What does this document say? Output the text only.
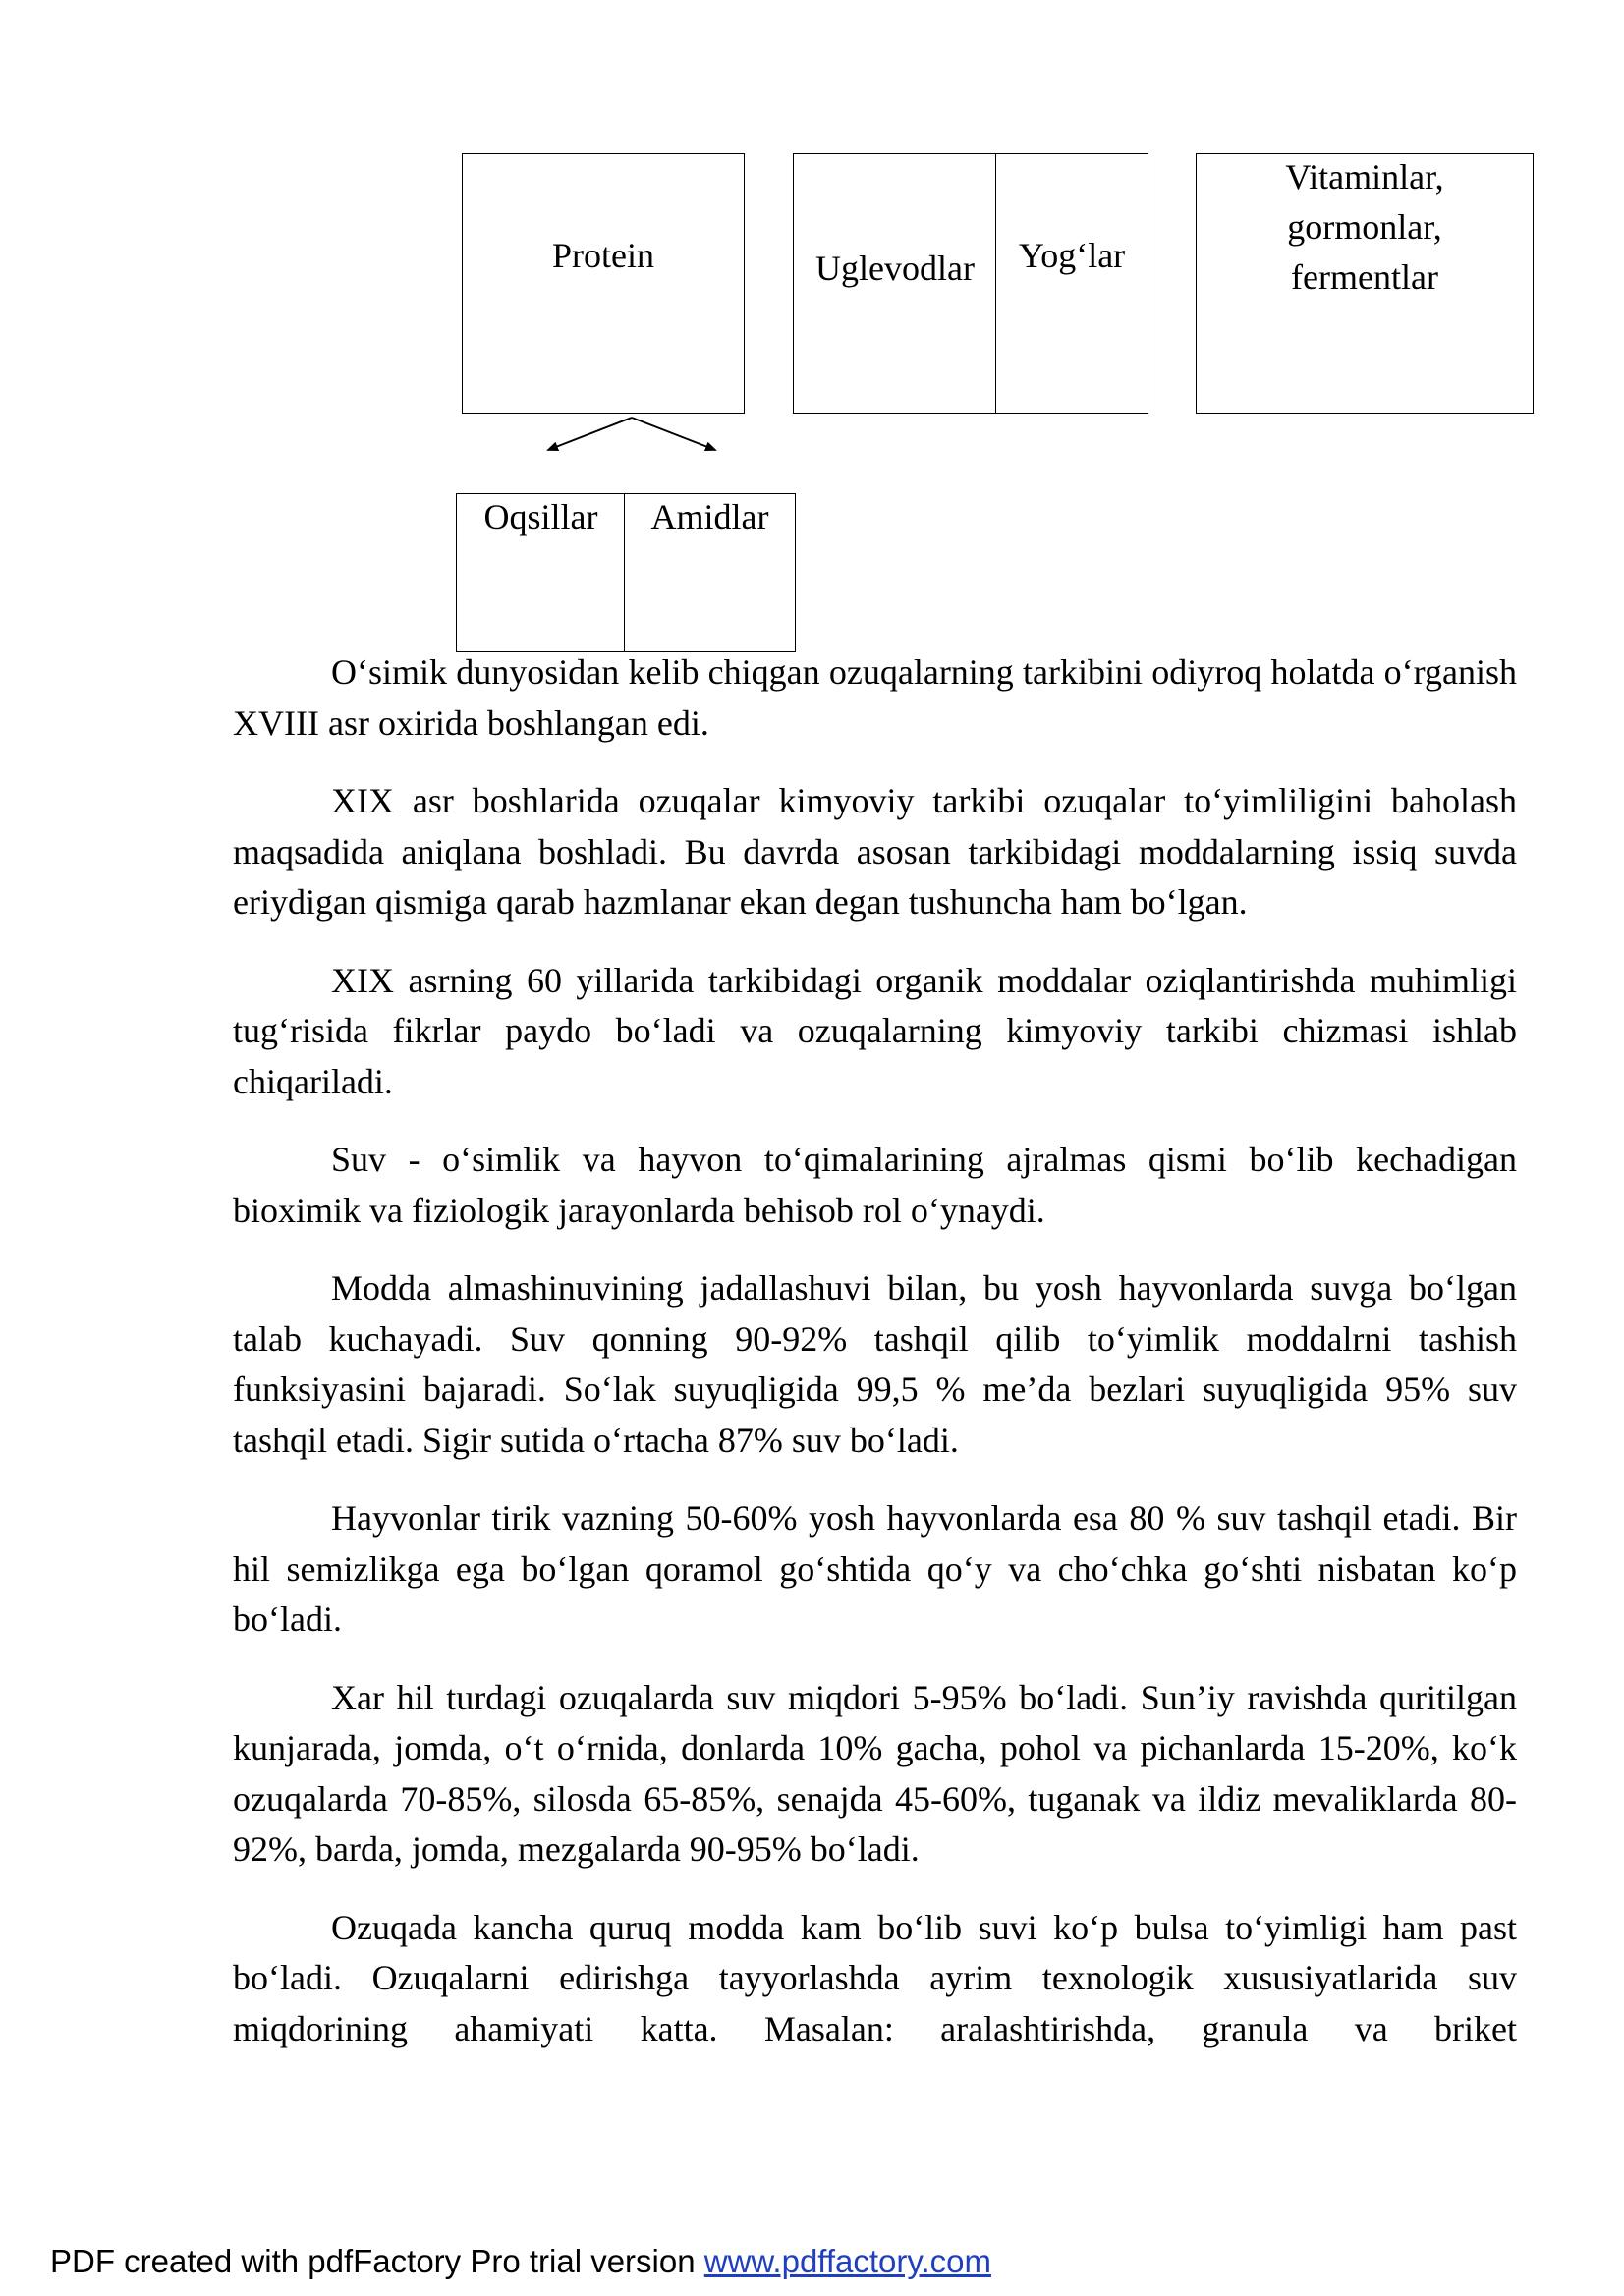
Protein	Uglevodlar	Yog‘lar
Vitaminlar,
gormonlar,
fermentlar
Oqsillar	Amidlar

O‘simik dunyosidan kelib chiqgan ozuqalarning tarkibini odiyroq holatda o‘rganish XVIII asr oxirida boshlangan edi.

XIX asr boshlarida ozuqalar kimyoviy tarkibi ozuqalar to‘yimliligini baholash maqsadida aniqlana boshladi. Bu davrda asosan tarkibidagi moddalarning issiq suvda eriydigan qismiga qarab hazmlanar ekan degan tushuncha ham bo‘lgan.

XIX asrning 60 yillarida tarkibidagi organik moddalar oziqlantirishda muhimligi tug‘risida fikrlar paydo bo‘ladi va ozuqalarning kimyoviy tarkibi chizmasi ishlab chiqariladi.

Suv - o‘simlik va hayvon to‘qimalarining ajralmas qismi bo‘lib kechadigan bioximik va fiziologik jarayonlarda behisob rol o‘ynaydi.

Modda almashinuvining jadallashuvi bilan, bu yosh hayvonlarda suvga bo‘lgan talab kuchayadi. Suv qonning 90-92% tashqil qilib to‘yimlik moddalrni tashish funksiyasini bajaradi. So‘lak suyuqligida 99,5 % me’da bezlari suyuqligida 95% suv tashqil etadi. Sigir sutida o‘rtacha 87% suv bo‘ladi.

Hayvonlar tirik vazning 50-60% yosh hayvonlarda esa 80 % suv tashqil etadi. Bir hil semizlikga ega bo‘lgan qoramol go‘shtida qo‘y va cho‘chka go‘shti nisbatan ko‘p bo‘ladi.

Xar hil turdagi ozuqalarda suv miqdori 5-95% bo‘ladi. Sun’iy ravishda quritilgan kunjarada, jomda, o‘t o‘rnida, donlarda 10% gacha, pohol va pichanlarda 15-20%, ko‘k ozuqalarda 70-85%, silosda 65-85%, senajda 45-60%, tuganak va ildiz mevaliklarda 80-92%, barda, jomda, mezgalarda 90-95% bo‘ladi.

Ozuqada kancha quruq modda kam bo‘lib suvi ko‘p bulsa to‘yimligi ham past bo‘ladi. Ozuqalarni edirishga tayyorlashda ayrim texnologik xususiyatlarida suv miqdorining ahamiyati katta. Masalan: aralashtirishda, granula va briket

PDF created with pdfFactory Pro trial version www.pdffactory.com
